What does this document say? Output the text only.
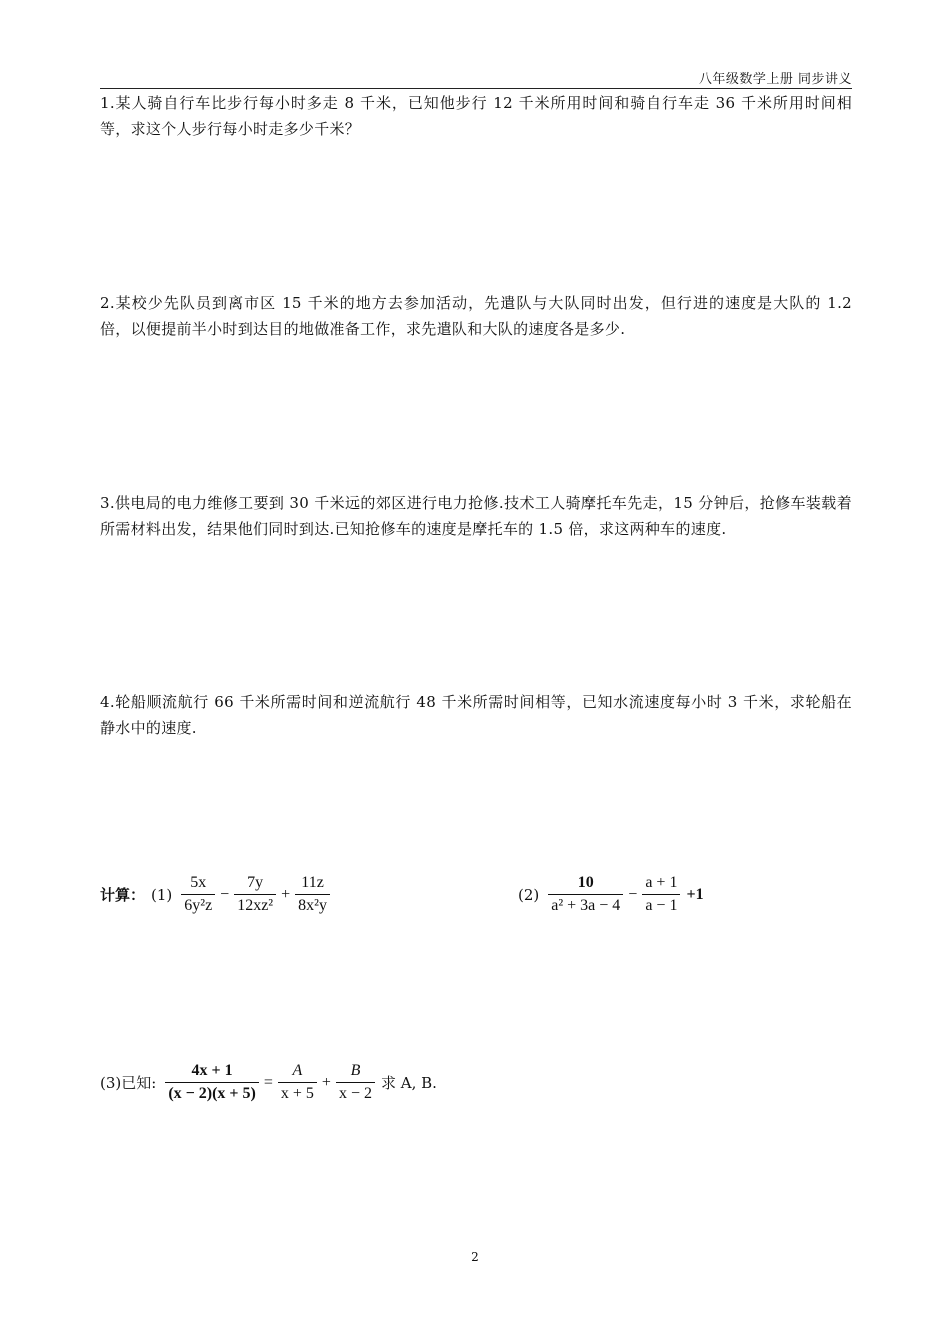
八年级数学上册 同步讲义
1.某人骑自行车比步行每小时多走 8 千米，已知他步行 12 千米所用时间和骑自行车走 36 千米所用时间相等，求这个人步行每小时走多少千米？
2.某校少先队员到离市区 15 千米的地方去参加活动，先遣队与大队同时出发，但行进的速度是大队的 1.2 倍，以便提前半小时到达目的地做准备工作，求先遣队和大队的速度各是多少.
3.供电局的电力维修工要到 30 千米远的郊区进行电力抢修.技术工人骑摩托车先走，15 分钟后，抢修车装载着所需材料出发，结果他们同时到达.已知抢修车的速度是摩托车的 1.5 倍，求这两种车的速度.
4.轮船顺流航行 66 千米所需时间和逆流航行 48 千米所需时间相等，已知水流速度每小时 3 千米，求轮船在静水中的速度.
计算： $(1) \frac{5x}{\text{6y²z}} - \frac{7y}{\text{12xz²}} + \frac{11z}{\text{8x²y}}$	$(2) \frac{10}{\text{a² + 3a − 4}} - \frac{a + 1}{a - 1} +1$
(3)已知: $\frac{4x + 1}{(x - 2)(x + 5)} = \frac{A}{x + 5} + \frac{B}{x - 2}$ 求 A, B.
2
